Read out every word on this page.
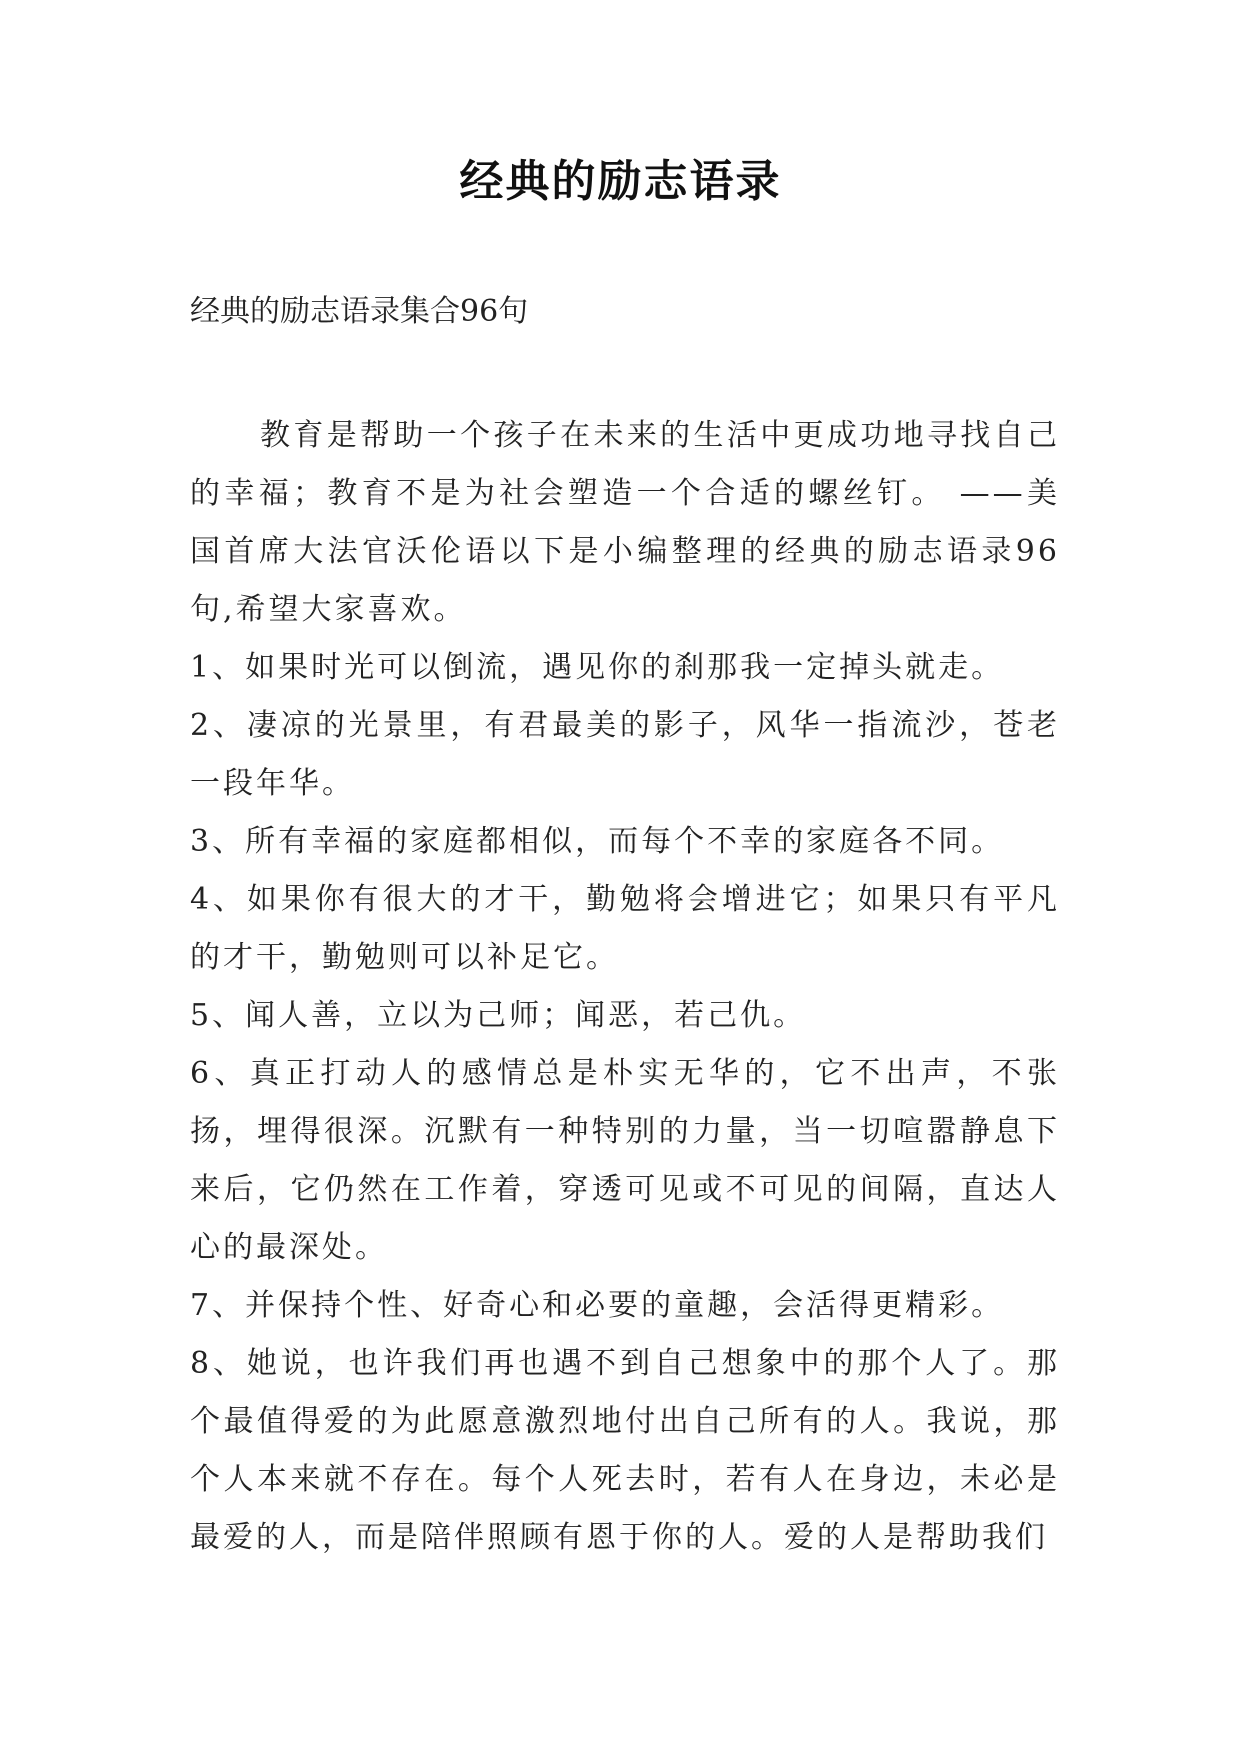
经典的励志语录
经典的励志语录集合96句

教育是帮助一个孩子在未来的生活中更成功地寻找自己的幸福；教育不是为社会塑造一个合适的螺丝钉。 ——美国首席大法官沃伦语以下是小编整理的经典的励志语录96句,希望大家喜欢。

1、如果时光可以倒流，遇见你的刹那我一定掉头就走。

2、凄凉的光景里，有君最美的影子，风华一指流沙，苍老一段年华。

3、所有幸福的家庭都相似，而每个不幸的家庭各不同。

4、如果你有很大的才干，勤勉将会增进它；如果只有平凡的才干，勤勉则可以补足它。

5、闻人善，立以为己师；闻恶，若己仇。

6、真正打动人的感情总是朴实无华的，它不出声，不张扬，埋得很深。沉默有一种特别的力量，当一切喧嚣静息下来后，它仍然在工作着，穿透可见或不可见的间隔，直达人心的最深处。

7、并保持个性、好奇心和必要的童趣，会活得更精彩。

8、她说，也许我们再也遇不到自己想象中的那个人了。那个最值得爱的为此愿意激烈地付出自己所有的人。我说，那个人本来就不存在。每个人死去时，若有人在身边，未必是最爱的人，而是陪伴照顾有恩于你的人。爱的人是帮助我们
